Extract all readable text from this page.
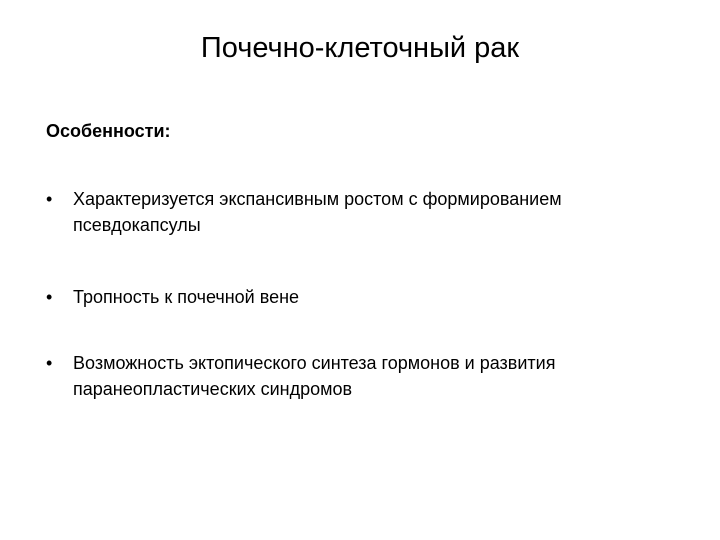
Почечно-клеточный рак

Особенности:

• Характеризуется экспансивным ростом с формированием псевдокапсулы
• Тропность к почечной вене
• Возможность эктопического синтеза гормонов и развития паранеопластических синдромов
